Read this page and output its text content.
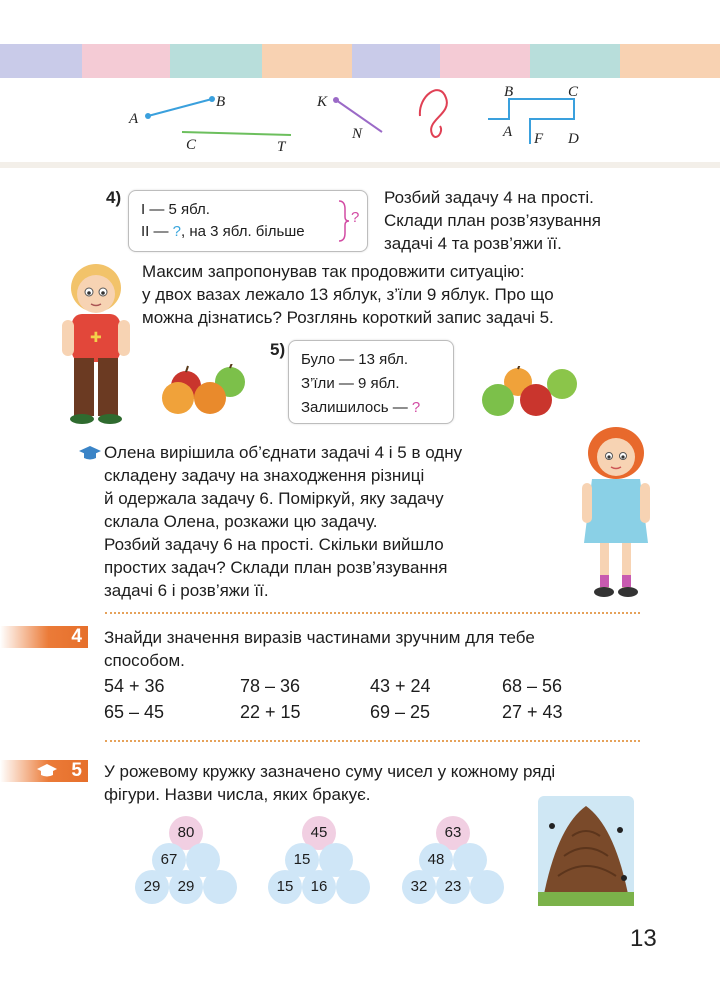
A
B
C	T
K
N
B	C
A F D
4)
I — 5 ябл.
II — ?, на 3 ябл. більше
?
Розбий задачу 4 на прості.
Склади план розв’язування
задачі 4 та розв’яжи її.
✚
Максим запропонував так продовжити ситуацію:
у двох вазах лежало 13 яблук, з’їли 9 яблук. Про що
можна дізнатись? Розглянь короткий запис задачі 5.
5)
Було — 13 ябл.
З’їли — 9 ябл.
Залишилось — ?
Олена вирішила об’єднати задачі 4 і 5 в одну
складену задачу на знаходження різниці
й одержала задачу 6. Поміркуй, яку задачу
склала Олена, розкажи цю задачу.
Розбий задачу 6 на прості. Скільки вийшло
простих задач? Склади план розв’язування
задачі 6 і розв’яжи її.
4	Знайди значення виразів частинами зручним для тебе
способом.
54 + 36	78 – 36	43 + 24	68 – 56
65 – 45	22 + 15	69 – 25	27 + 43
5	У рожевому кружку зазначено суму чисел у кожному ряді
фігури. Назви числа, яких бракує.
80
67
29	29
45
15
15	16
63
48
32	23
13
